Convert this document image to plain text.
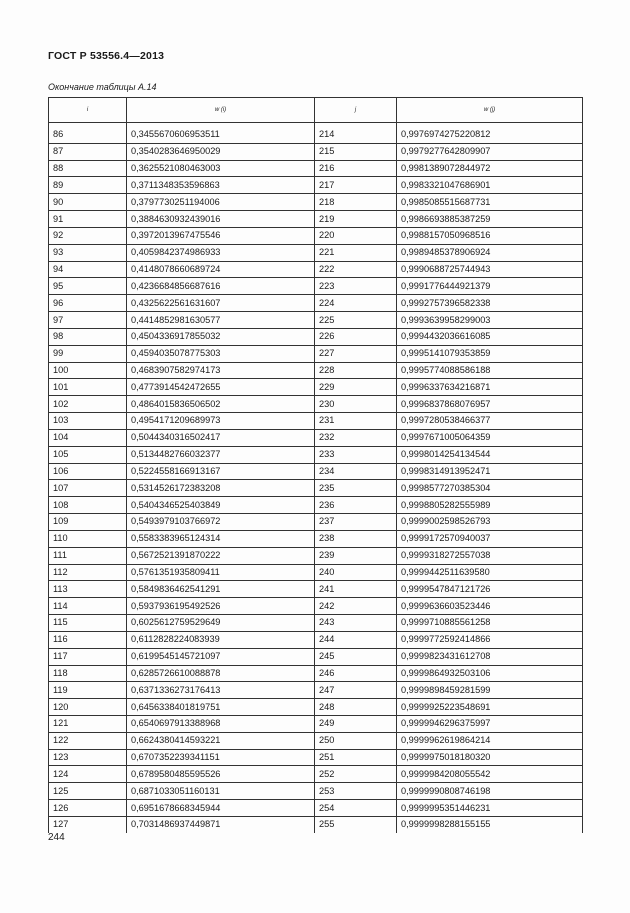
ГОСТ Р 53556.4—2013
Окончание таблицы А.14
i	w (i)	j	w (j)

86	0,3455670606953511	214	0,9976974275220812
87	0,3540283646950029	215	0,9979277642809907
88	0,3625521080463003	216	0,9981389072844972
89	0,3711348353596863	217	0,9983321047686901
90	0,3797730251194006	218	0,9985085515687731
91	0,3884630932439016	219	0,9986693885387259
92	0,3972013967475546	220	0,9988157050968516
93	0,4059842374986933	221	0,9989485378906924
94	0,4148078660689724	222	0,9990688725744943
95	0,4236684856687616	223	0,9991776444921379
96	0,4325622561631607	224	0,9992757396582338
97	0,4414852981630577	225	0,9993639958299003
98	0,4504336917855032	226	0,9994432036616085
99	0,4594035078775303	227	0,9995141079353859
100	0,4683907582974173	228	0,9995774088586188
101	0,4773914542472655	229	0,9996337634216871
102	0,4864015836506502	230	0,9996837868076957
103	0,4954171209689973	231	0,9997280538466377
104	0,5044340316502417	232	0,9997671005064359
105	0,5134482766032377	233	0,9998014254134544
106	0,5224558166913167	234	0,9998314913952471
107	0,5314526172383208	235	0,9998577270385304
108	0,5404346525403849	236	0,9998805282555989
109	0,5493979103766972	237	0,9999002598526793
110	0,5583383965124314	238	0,9999172570940037
111	0,5672521391870222	239	0,9999318272557038
112	0,5761351935809411	240	0,9999442511639580
113	0,5849836462541291	241	0,9999547847121726
114	0,5937936195492526	242	0,9999636603523446
115	0,6025612759529649	243	0,9999710885561258
116	0,6112828224083939	244	0,9999772592414866
117	0,6199545145721097	245	0,9999823431612708
118	0,6285726610088878	246	0,9999864932503106
119	0,6371336273176413	247	0,9999898459281599
120	0,6456338401819751	248	0,9999925223548691
121	0,6540697913388968	249	0,9999946296375997
122	0,6624380414593221	250	0,9999962619864214
123	0,6707352239341151	251	0,9999975018180320
124	0,6789580485595526	252	0,9999984208055542
125	0,6871033051160131	253	0,9999990808746198
126	0,6951678668345944	254	0,9999995351446231
127	0,7031486937449871	255	0,9999998288155155
244
